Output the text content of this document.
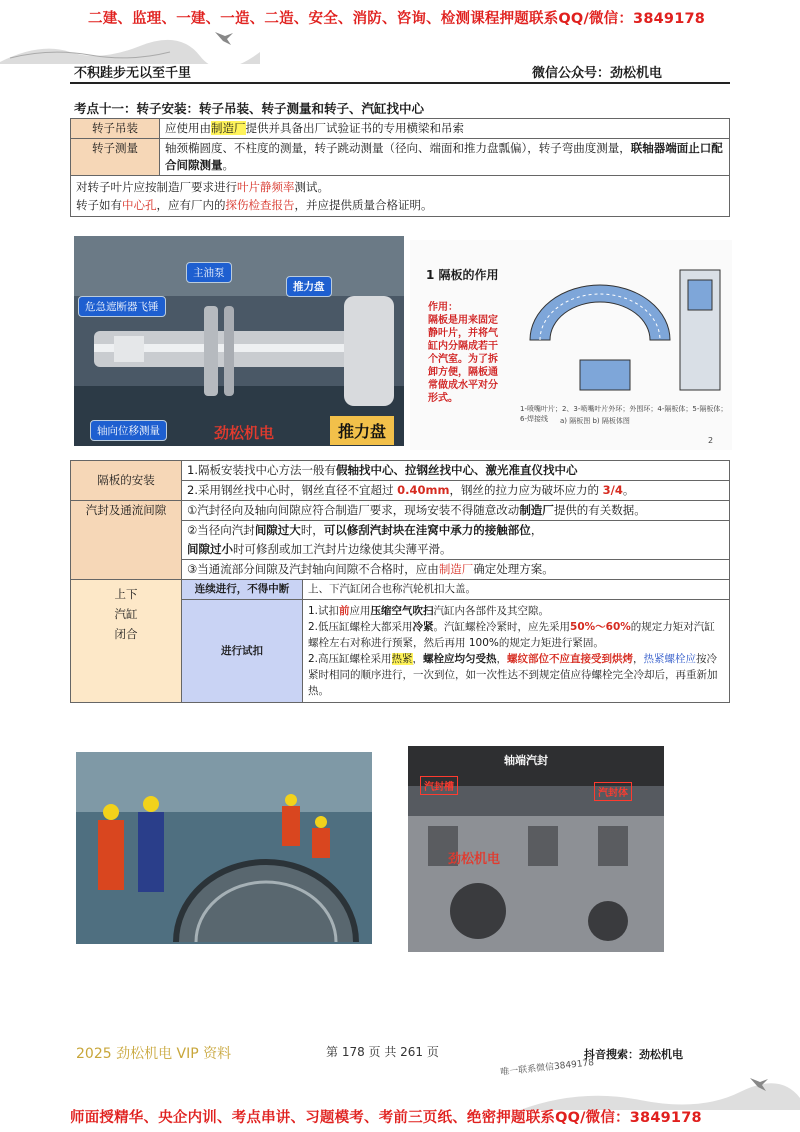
二建、监理、一建、一造、二造、安全、消防、咨询、检测课程押题联系QQ/微信：3849178
不积跬步无以至千里	微信公众号：劲松机电
考点十一：转子安装：转子吊装、转子测量和转子、汽缸找中心
转子吊装	应使用由制造厂提供并具备出厂试验证书的专用横梁和吊索
转子测量	轴颈椭圆度、不柱度的测量，转子跳动测量（径向、端面和推力盘瓢偏），转子弯曲度测量，联轴器端面止口配合间隙测量。
对转子叶片应按制造厂要求进行叶片静频率测试。
转子如有中心孔，应有厂内的探伤检查报告，并应提供质量合格证明。
主油泵
推力盘
危急遮断器飞锤
轴向位移测量	劲松机电	推力盘
1 隔板的作用
作用：
隔板是用来固定静叶片，并将气缸内分隔成若干个汽室。为了拆卸方便，隔板通常做成水平对分形式。
1-喷嘴叶片；2、3-喷嘴叶片外环；外围环；4-隔板体；5-隔板体；6-焊接线	a) 隔板图 b) 隔板体图
2
隔板的安装	1.隔板安装找中心方法一般有假轴找中心、拉钢丝找中心、激光准直仪找中心	
	2.采用钢丝找中心时，钢丝直径不宜超过 0.40mm，钢丝的拉力应为破坏应力的 3/4。	
汽封及通流间隙	①汽封径向及轴向间隙应符合制造厂要求，现场安装不得随意改动制造厂提供的有关数据。	
	②当径向汽封间隙过大时，可以修刮汽封块在洼窝中承力的接触部位，	
	间隙过小时可修刮或加工汽封片边缘使其尖薄平滑。	
	③当通流部分间隙及汽封轴向间隙不合格时，应由制造厂确定处理方案。	

上下
汽缸
闭合	连续进行，不得中断	上、下汽缸闭合也称汽轮机扣大盖。
	进行试扣	1.试扣前应用压缩空气吹扫汽缸内各部件及其空隙。
2.低压缸螺栓大都采用冷紧。汽缸螺栓冷紧时，应先采用50%～60%的规定力矩对汽缸螺栓左右对称进行预紧，然后再用 100%的规定力矩进行紧固。
2.高压缸螺栓采用热紧，螺栓应均匀受热，螺纹部位不应直接受到烘烤，热紧螺栓应按冷紧时相同的顺序进行，一次到位，如一次性达不到规定值应待螺栓完全冷却后，再重新加热。
轴端汽封
汽封槽
汽封体
劲松机电
2025 劲松机电 VIP 资料	第 178 页 共 261 页	抖音搜索：劲松机电
唯一联系微信3849178
师面授精华、央企内训、考点串讲、习题模考、考前三页纸、绝密押题联系QQ/微信：3849178
